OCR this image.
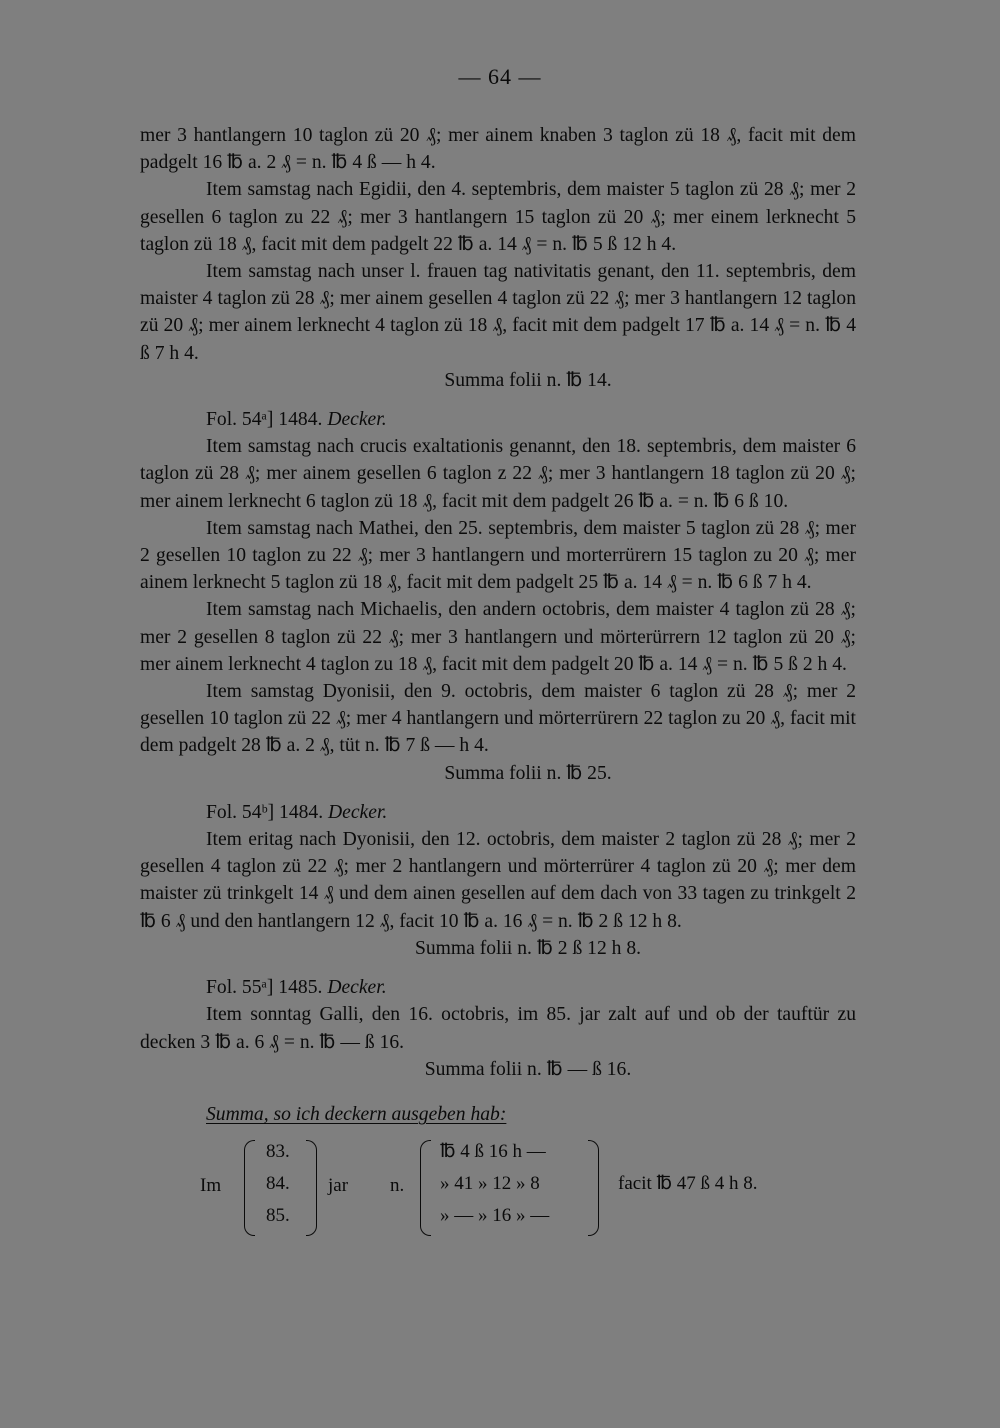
— 64 —
mer 3 hantlangern 10 taglon zü 20 ₰; mer ainem knaben 3 taglon zü 18 ₰, facit mit dem padgelt 16 ℔ a. 2 ₰ = n. ℔ 4 ß — h 4.
Item samstag nach Egidii, den 4. septembris, dem maister 5 taglon zü 28 ₰; mer 2 gesellen 6 taglon zu 22 ₰; mer 3 hantlangern 15 taglon zü 20 ₰; mer einem lerknecht 5 taglon zü 18 ₰, facit mit dem padgelt 22 ℔ a. 14 ₰ = n. ℔ 5 ß 12 h 4.
Item samstag nach unser l. frauen tag nativitatis genant, den 11. septembris, dem maister 4 taglon zü 28 ₰; mer ainem gesellen 4 taglon zü 22 ₰; mer 3 hantlangern 12 taglon zü 20 ₰; mer ainem lerknecht 4 taglon zü 18 ₰, facit mit dem padgelt 17 ℔ a. 14 ₰ = n. ℔ 4 ß 7 h 4.
Summa folii n. ℔ 14.
Fol. 54ᵃ] 1484. Decker.
Item samstag nach crucis exaltationis genannt, den 18. septembris, dem maister 6 taglon zü 28 ₰; mer ainem gesellen 6 taglon z 22 ₰; mer 3 hantlangern 18 taglon zü 20 ₰; mer ainem lerknecht 6 taglon zü 18 ₰, facit mit dem padgelt 26 ℔ a. = n. ℔ 6 ß 10.
Item samstag nach Mathei, den 25. septembris, dem maister 5 taglon zü 28 ₰; mer 2 gesellen 10 taglon zu 22 ₰; mer 3 hantlangern und morterrürern 15 taglon zu 20 ₰; mer ainem lerknecht 5 taglon zü 18 ₰, facit mit dem padgelt 25 ℔ a. 14 ₰ = n. ℔ 6 ß 7 h 4.
Item samstag nach Michaelis, den andern octobris, dem maister 4 taglon zü 28 ₰; mer 2 gesellen 8 taglon zü 22 ₰; mer 3 hantlangern und mörterürrern 12 taglon zü 20 ₰; mer ainem lerknecht 4 taglon zu 18 ₰, facit mit dem padgelt 20 ℔ a. 14 ₰ = n. ℔ 5 ß 2 h 4.
Item samstag Dyonisii, den 9. octobris, dem maister 6 taglon zü 28 ₰; mer 2 gesellen 10 taglon zü 22 ₰; mer 4 hantlangern und mörterrürern 22 taglon zu 20 ₰, facit mit dem padgelt 28 ℔ a. 2 ₰, tüt n. ℔ 7 ß — h 4.
Summa folii n. ℔ 25.
Fol. 54ᵇ] 1484. Decker.
Item eritag nach Dyonisii, den 12. octobris, dem maister 2 taglon zü 28 ₰; mer 2 gesellen 4 taglon zü 22 ₰; mer 2 hantlangern und mörterrürer 4 taglon zü 20 ₰; mer dem maister zü trinkgelt 14 ₰ und dem ainen gesellen auf dem dach von 33 tagen zu trinkgelt 2 ℔ 6 ₰ und den hantlangern 12 ₰, facit 10 ℔ a. 16 ₰ = n. ℔ 2 ß 12 h 8.
Summa folii n. ℔ 2 ß 12 h 8.
Fol. 55ᵃ] 1485. Decker.
Item sonntag Galli, den 16. octobris, im 85. jar zalt auf und ob der tauftür zu decken 3 ℔ a. 6 ₰ = n. ℔ — ß 16.
Summa folii n. ℔ — ß 16.
Summa, so ich deckern ausgeben hab:
Im
83.
84.
85.
jar n.
℔ 4 ß 16 h —
» 41 » 12 » 8
» — » 16 » —
facit ℔ 47 ß 4 h 8.
